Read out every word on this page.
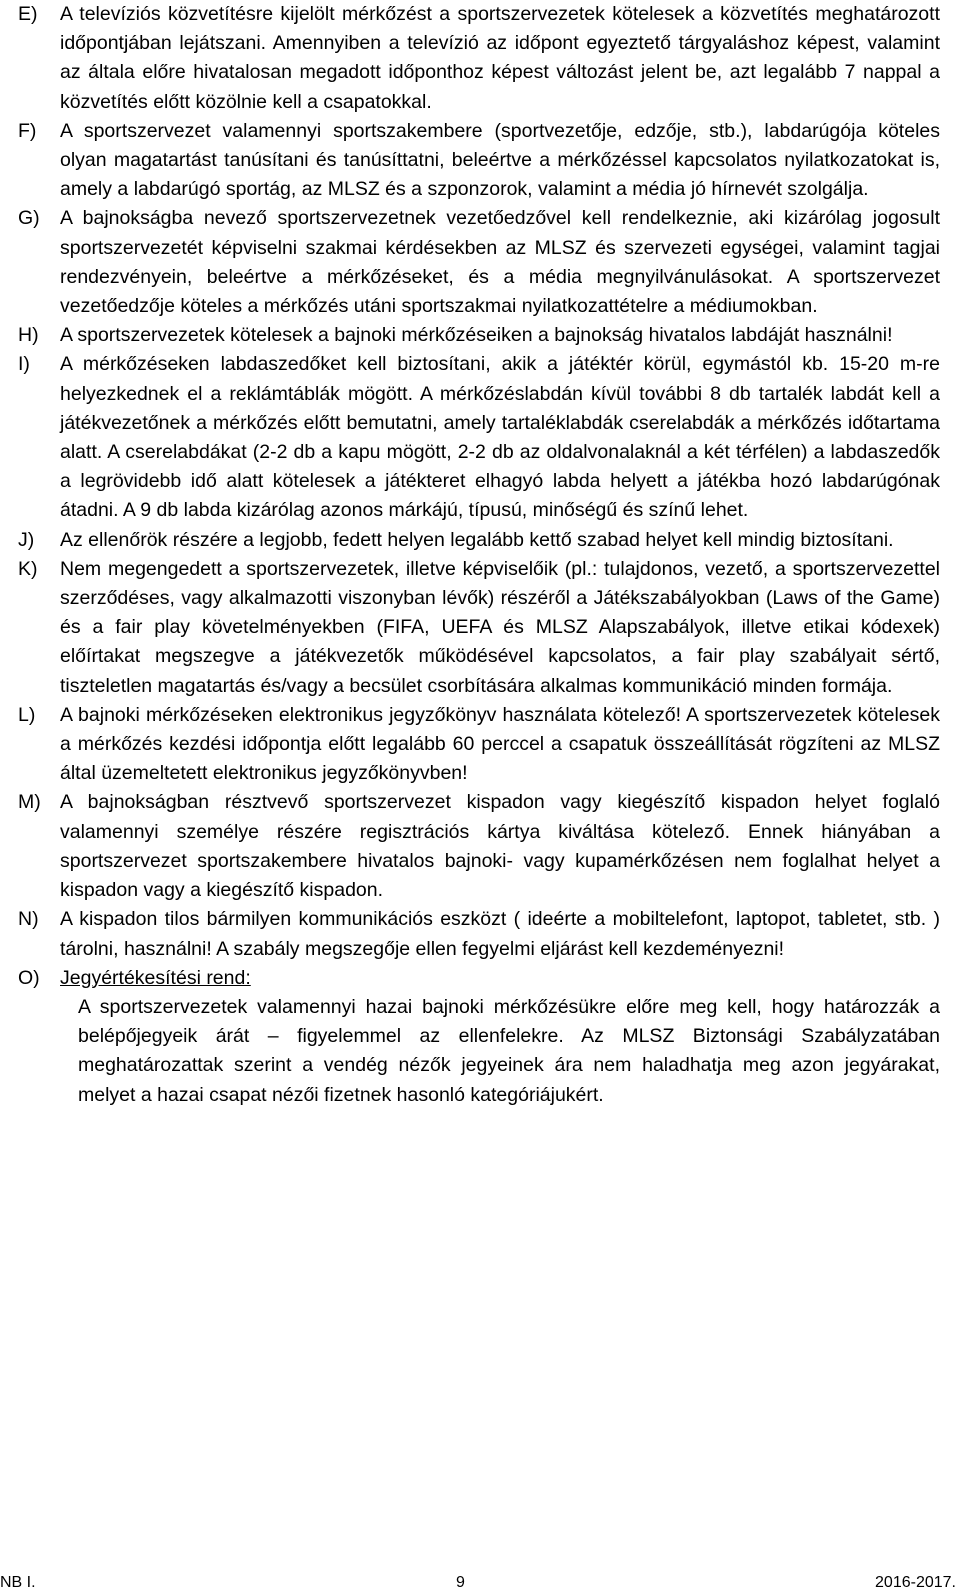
E)	A televíziós közvetítésre kijelölt mérkőzést a sportszervezetek kötelesek a közvetítés meghatározott időpontjában lejátszani. Amennyiben a televízió az időpont egyeztető tárgyaláshoz képest, valamint az általa előre hivatalosan megadott időponthoz képest változást jelent be, azt legalább 7 nappal a közvetítés előtt közölnie kell a csapatokkal.
F)	A sportszervezet valamennyi sportszakembere (sportvezetője, edzője, stb.), labdarúgója köteles olyan magatartást tanúsítani és tanúsíttatni, beleértve a mérkőzéssel kapcsolatos nyilatkozatokat is, amely a labdarúgó sportág, az MLSZ és a szponzorok, valamint a média jó hírnevét szolgálja.
G)	A bajnokságba nevező sportszervezetnek vezetőedzővel kell rendelkeznie, aki kizárólag jogosult sportszervezetét képviselni szakmai kérdésekben az MLSZ és szervezeti egységei, valamint tagjai rendezvényein, beleértve a mérkőzéseket, és a média megnyilvánulásokat. A sportszervezet vezetőedzője köteles a mérkőzés utáni sportszakmai nyilatkozattételre a médiumokban.
H)	A sportszervezetek kötelesek a bajnoki mérkőzéseiken a bajnokság hivatalos labdáját használni!
I)	A mérkőzéseken labdaszedőket kell biztosítani, akik a játéktér körül, egymástól kb. 15-20 m-re helyezkednek el a reklámtáblák mögött. A mérkőzéslabdán kívül további 8 db tartalék labdát kell a játékvezetőnek a mérkőzés előtt bemutatni, amely tartaléklabdák cserelabdák a mérkőzés időtartama alatt. A cserelabdákat (2-2 db a kapu mögött, 2-2 db az oldalvonalaknál a két térfélen) a labdaszedők a legrövidebb idő alatt kötelesek a játékteret elhagyó labda helyett a játékba hozó labdarúgónak átadni. A 9 db labda kizárólag azonos márkájú, típusú, minőségű és színű lehet.
J)	Az ellenőrök részére a legjobb, fedett helyen legalább kettő szabad helyet kell mindig biztosítani.
K)	Nem megengedett a sportszervezetek, illetve képviselőik (pl.: tulajdonos, vezető, a sportszervezettel szerződéses, vagy alkalmazotti viszonyban lévők) részéről a Játékszabályokban (Laws of the Game) és a fair play követelményekben (FIFA, UEFA és MLSZ Alapszabályok, illetve etikai kódexek) előírtakat megszegve a játékvezetők működésével kapcsolatos, a fair play szabályait sértő, tiszteletlen magatartás és/vagy a becsület csorbítására alkalmas kommunikáció minden formája.
L)	A bajnoki mérkőzéseken elektronikus jegyzőkönyv használata kötelező! A sportszervezetek kötelesek a mérkőzés kezdési időpontja előtt legalább 60 perccel a csapatuk összeállítását rögzíteni az MLSZ által üzemeltetett elektronikus jegyzőkönyvben!
M) A bajnokságban résztvevő sportszervezet kispadon vagy kiegészítő kispadon helyet foglaló valamennyi személye részére regisztrációs kártya kiváltása kötelező. Ennek hiányában a sportszervezet sportszakembere hivatalos bajnoki- vagy kupamérkőzésen nem foglalhat helyet a kispadon vagy a kiegészítő kispadon.
N)	A kispadon tilos bármilyen kommunikációs eszközt ( ideérte a mobiltelefont, laptopot, tabletet, stb. ) tárolni, használni! A szabály megszegője ellen fegyelmi eljárást kell kezdeményezni!
O)	Jegyértékesítési rend:
A sportszervezetek valamennyi hazai bajnoki mérkőzésükre előre meg kell, hogy határozzák a belépőjegyeik árát – figyelemmel az ellenfelekre. Az MLSZ Biztonsági Szabályzatában meghatározattak szerint a vendég nézők jegyeinek ára nem haladhatja meg azon jegyárakat, melyet a hazai csapat nézői fizetnek hasonló kategóriájukért.
NB I.	9	2016-2017.
